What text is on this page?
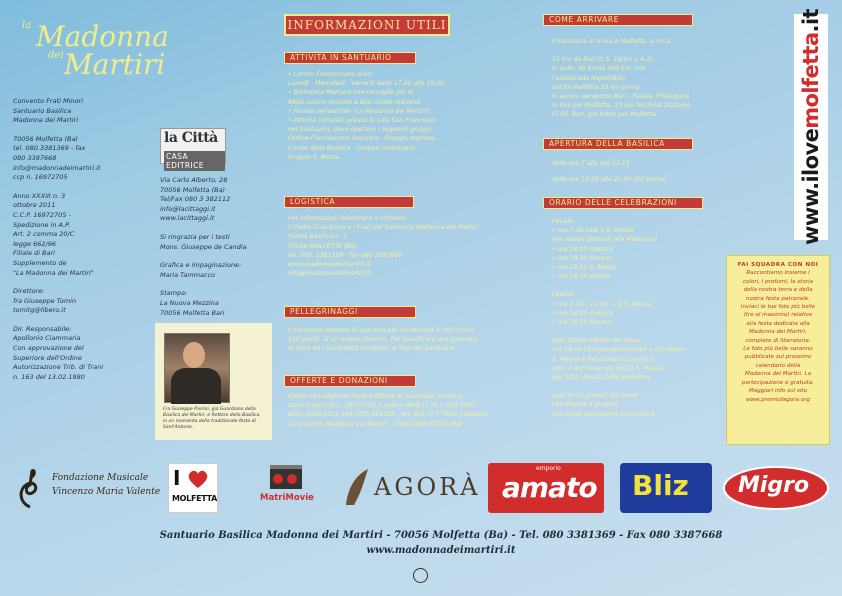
la Madonna
dei Martiri

Convento Frati Minori
Santuario Basilica
Madonna dei Martiri

70056 Molfetta (Ba)
tel. 080.3381369 - fax
080 3387668
info@madonnadeimartiri.it
ccp n. 16972705

Anno XXXIII n. 3
ottobre 2011
C.C.P. 16972705 -
Spedizione in A.P.
Art. 2 comma 20/C
legge 662/96
Filiale di Bari
Supplemento de
"La Madonna dei Martiri"

Direttore:
fra Giuseppe Tomin
tomitg@libero.it

Dir. Responsabile:
Apollonio Ciammaria
Con approvazione del
Superiore dell'Ordine
Autorizzazione Trib. di Trani
n. 163 del 13.02.1980

la Città
CASA EDITRICE

Via Carlo Alberto, 28
70056 Molfetta (Ba)
Tel/Fax 080 3 382112
info@lacittaggi.it
www.lacittaggi.it

Si ringrazia per i testi
Mons. Giuseppe de Candia

Grafica e impaginazione:
Maria Tammacco

Stampa:
La Nuova Mezzina
70056 Molfetta Bari

Fra Giuseppe Parrini, già Guardiano della Basilica dei Martiri, e Rettore della Basilica, in un momento della tradizionale festa di Sant'Antonio.
INFORMAZIONI UTILI
ATTIVITÀ IN SANTUARIO
• Centro Francescano orari:
Lunedì - Mercoledì - Venerdì dalle 17,30 alle 19,00
• Biblioteca Mariana che raccoglie più di
8800 volumi mariani e 800 riviste mariane.
• Rivista semestrale "La Madonna dei Martiri";
• Attività culturali, presso la sala San Francesco
nel Santuario, dove operano i seguenti gruppi:
Ordine Francescano Secolare - Gruppo mariano
Corale della Basilica - Gruppo ministranti
Gruppo S. Marta.
LOGISTICA
Per informazioni telefonare o scrivere:
Il Padre Guardiano e i Frati del Santuario Madonna dei Martiri
Piazza Basilica n. 1
70056 MOLFETTA (BA)
tel. 080. 3381369 - fax 080 3387668
www.madonnadeimartiri.it
info@madonnadeimartiri.it
PELLEGRINAGGI
Il Santuario dispone di una sala per conferenze e ritiri (circa
150 posti), di un ampio chiostro. Per pianificare una giornata
di ritiro ed i spiritualità rivolgersi ai frati del Santuario
OFFERTE E DONAZIONI
Coloro che vogliono inviare offerte al Santuario possono
servirsi del ccp n. 16972705 o codice IBAN IT 35 V 033 5901
6001 0000 0012 444 (PER BESTER - BIC BCI TT 1 TMG) intestato
a Convento Madonna dei Martiri - 70056 MOLFETTA (Ba)
COME ARRIVARE
Il Santuario si trova a Molfetta, a circa
25 km da Bari (S.S. 16/bis o A-2).
In auto: da Roma 450 km. con
l'autostrada Napoli/Bari.
Uscita Molfetta 20 km prima
In aereo: aeroporto Bari - Palese. Proseguire
in bus per Molfetta, 15 km Terminal Stazione
FF.SS. Bari; poi treno per Molfetta
APERTURA DELLA BASILICA
dalle ore 7 alle ore 12,15
dalle ore 15,30 alle 21,00 (22 estivo)
ORARIO DELLE CELEBRAZIONI
Feriale
• ore 7,30 Lodi e S. Messa
(nei sabati dedicati alla Madonna)
• ore 16,00 Rosario
• ore 18,30 Rosario
• ore 19,00 S. Messa
• ore 19,30 Vespro
Festivo
• ore 8-10 - 11,30 - 19 S. Messa
• ore 16,00 Rosario
• ore 18,30 Rosario
ogni ultimo sabato del mese
ore 18,00 Liturgia penitenziale a cui segue
S. Messa e fiaccolata Eucaristica
ogni 3 del mese ore 16,30 S. Messa
per tutti i devoti della Madonna
ogni terzo giovedì del mese
(da ottobre a giugno)
ore 20,00 Adorazione Eucaristica
www.ilovemolfetta.it
FAI SQUADRA CON NOI
Raccontiamo insieme i
colori, i profumi, la storia
della nostra terra e della
nostra festa patronale.
Inviaci le tue foto più belle
(tre al massimo) relative
alla festa dedicata alla
Madonna dei Martiri,
complete di liberatoria.
Le foto più belle saranno
pubblicate sul prossimo
calendario della
Madonna dei Martiri. La
partecipazione è gratuita.
Maggiori info sul sito
www.premiofagora.org
Fondazione Musicale
Vincenzo Maria Valente
I
MOLFETTA	MatriMovie	AGORÀ
emporio
amato Bliz Migro
Santuario Basilica Madonna dei Martiri - 70056 Molfetta (Ba) - Tel. 080 3381369 - Fax 080 3387668
www.madonnadeimartiri.it
